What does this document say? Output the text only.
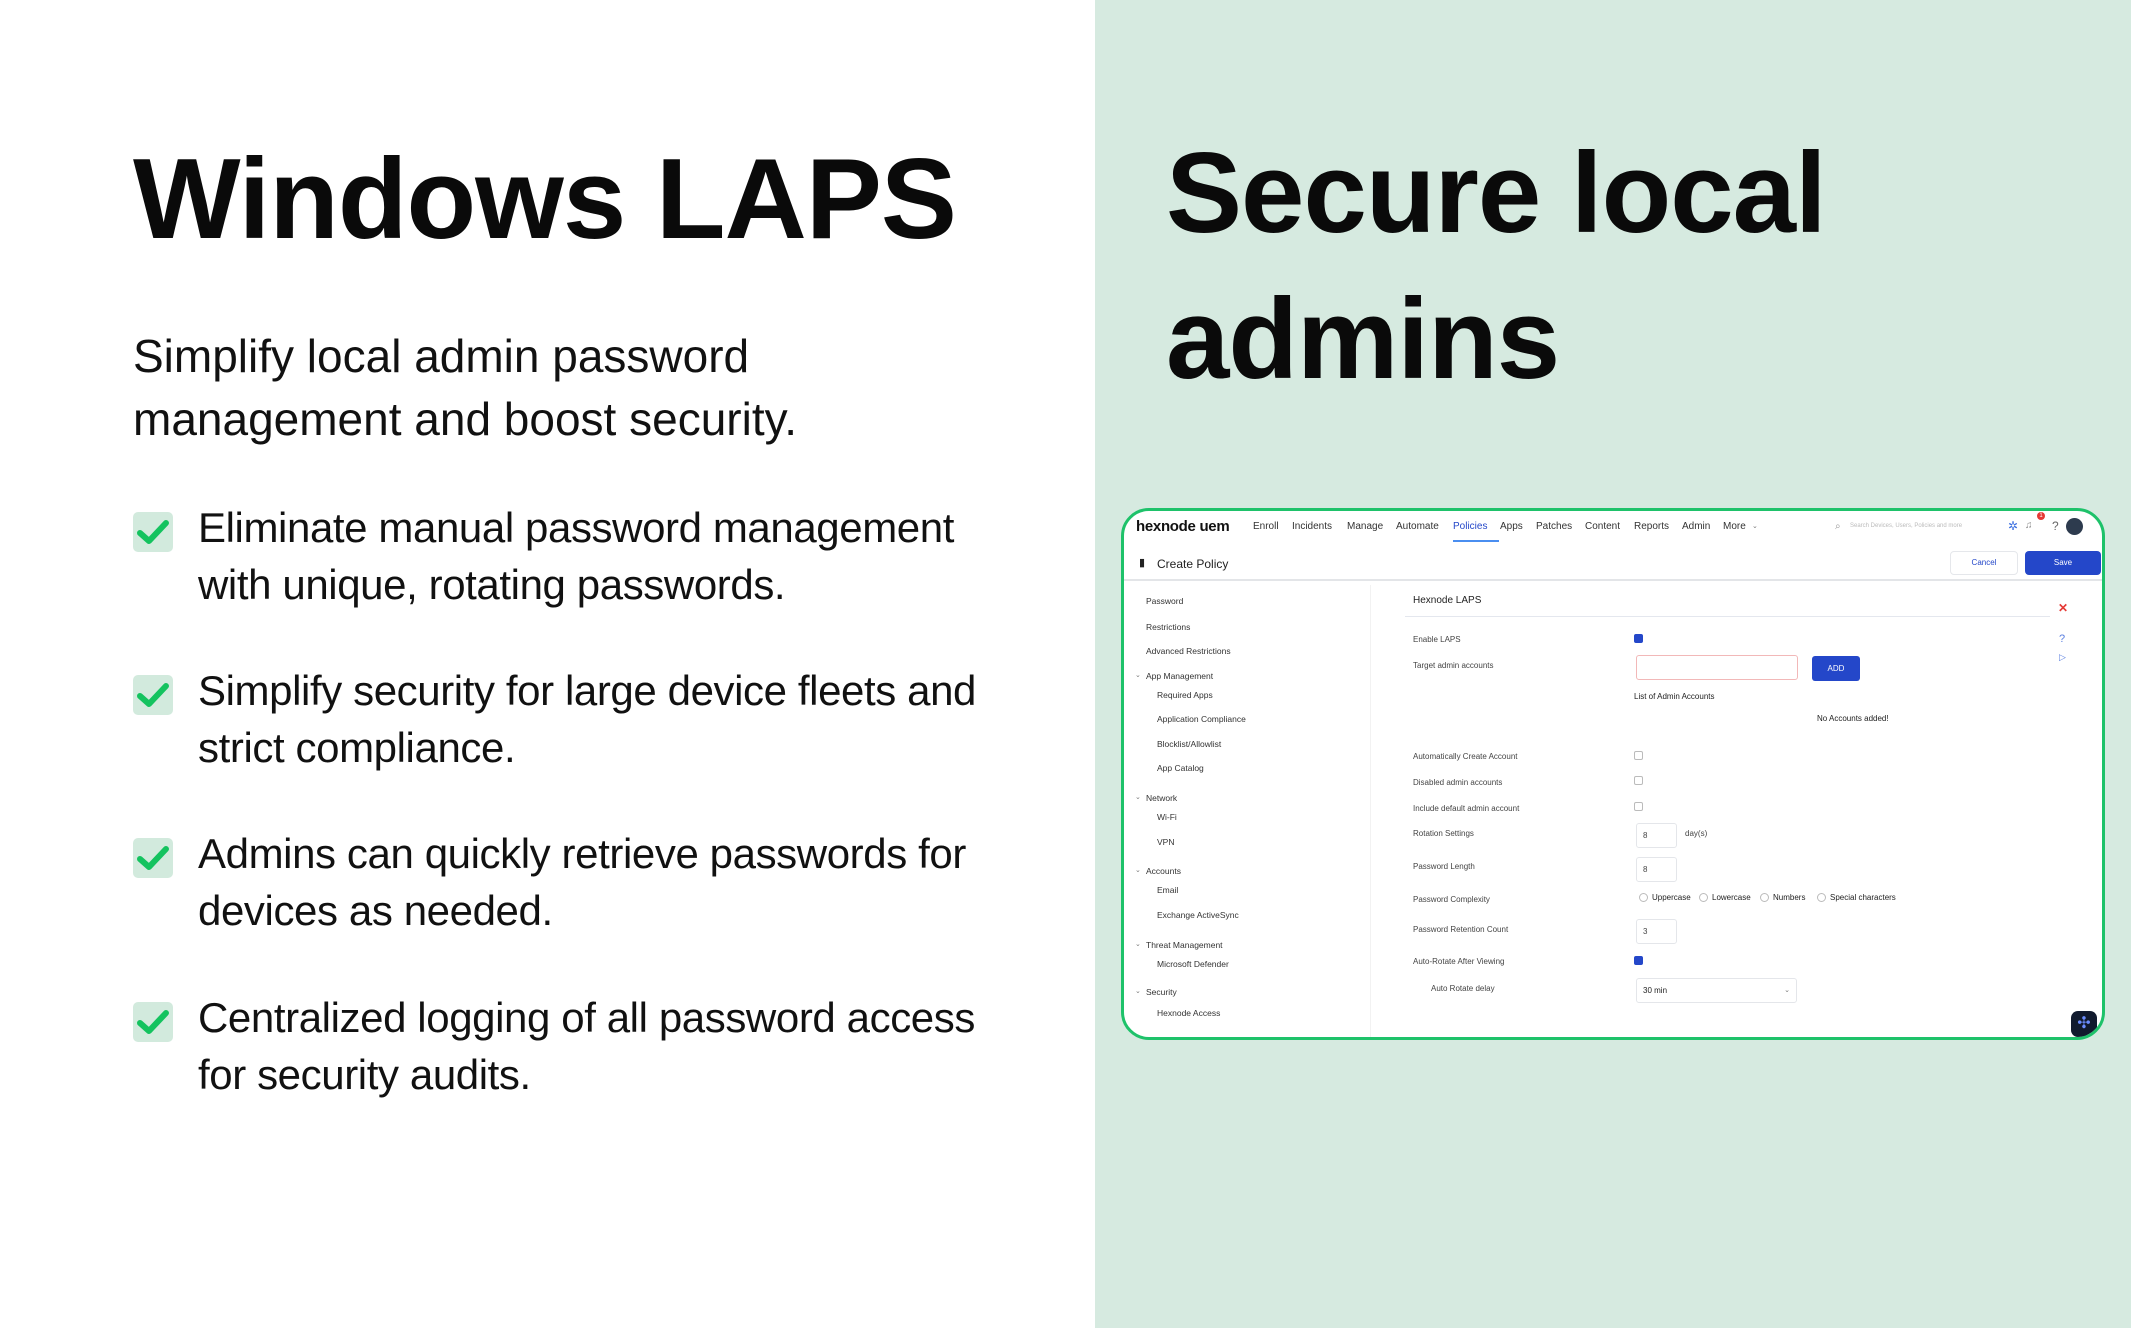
Windows LAPS
Simplify local admin password
management and boost security.
Eliminate manual password management
with unique, rotating passwords.
Simplify security for large device fleets and
strict compliance.
Admins can quickly retrieve passwords for
devices as needed.
Centralized logging of all password access
for security audits.
Secure local
admins
hexnode uem Enroll Incidents Manage Automate Policies Apps Patches Content Reports Admin More ⌄	⌕ Search Devices, Users, Policies and more	✲ ♫
1
?
▮ Create Policy	Cancel	Save
Password
Restrictions
Advanced Restrictions
⌄ App Management
Required Apps
Application Compliance
Blocklist/Allowlist
App Catalog
⌄ Network
Wi-Fi
VPN
⌄ Accounts
Email
Exchange ActiveSync
⌄ Threat Management
Microsoft Defender
⌄ Security
Hexnode Access
Hexnode LAPS
✕
?
▷
Enable LAPS
Target admin accounts	ADD
List of Admin Accounts
No Accounts added!
Automatically Create Account
Disabled admin accounts
Include default admin account
Rotation Settings	8	day(s)
Password Length	8
Password Complexity	Uppercase	Lowercase	Numbers	Special characters
Password Retention Count	3
Auto-Rotate After Viewing
Auto Rotate delay	30 min	⌄
✣
